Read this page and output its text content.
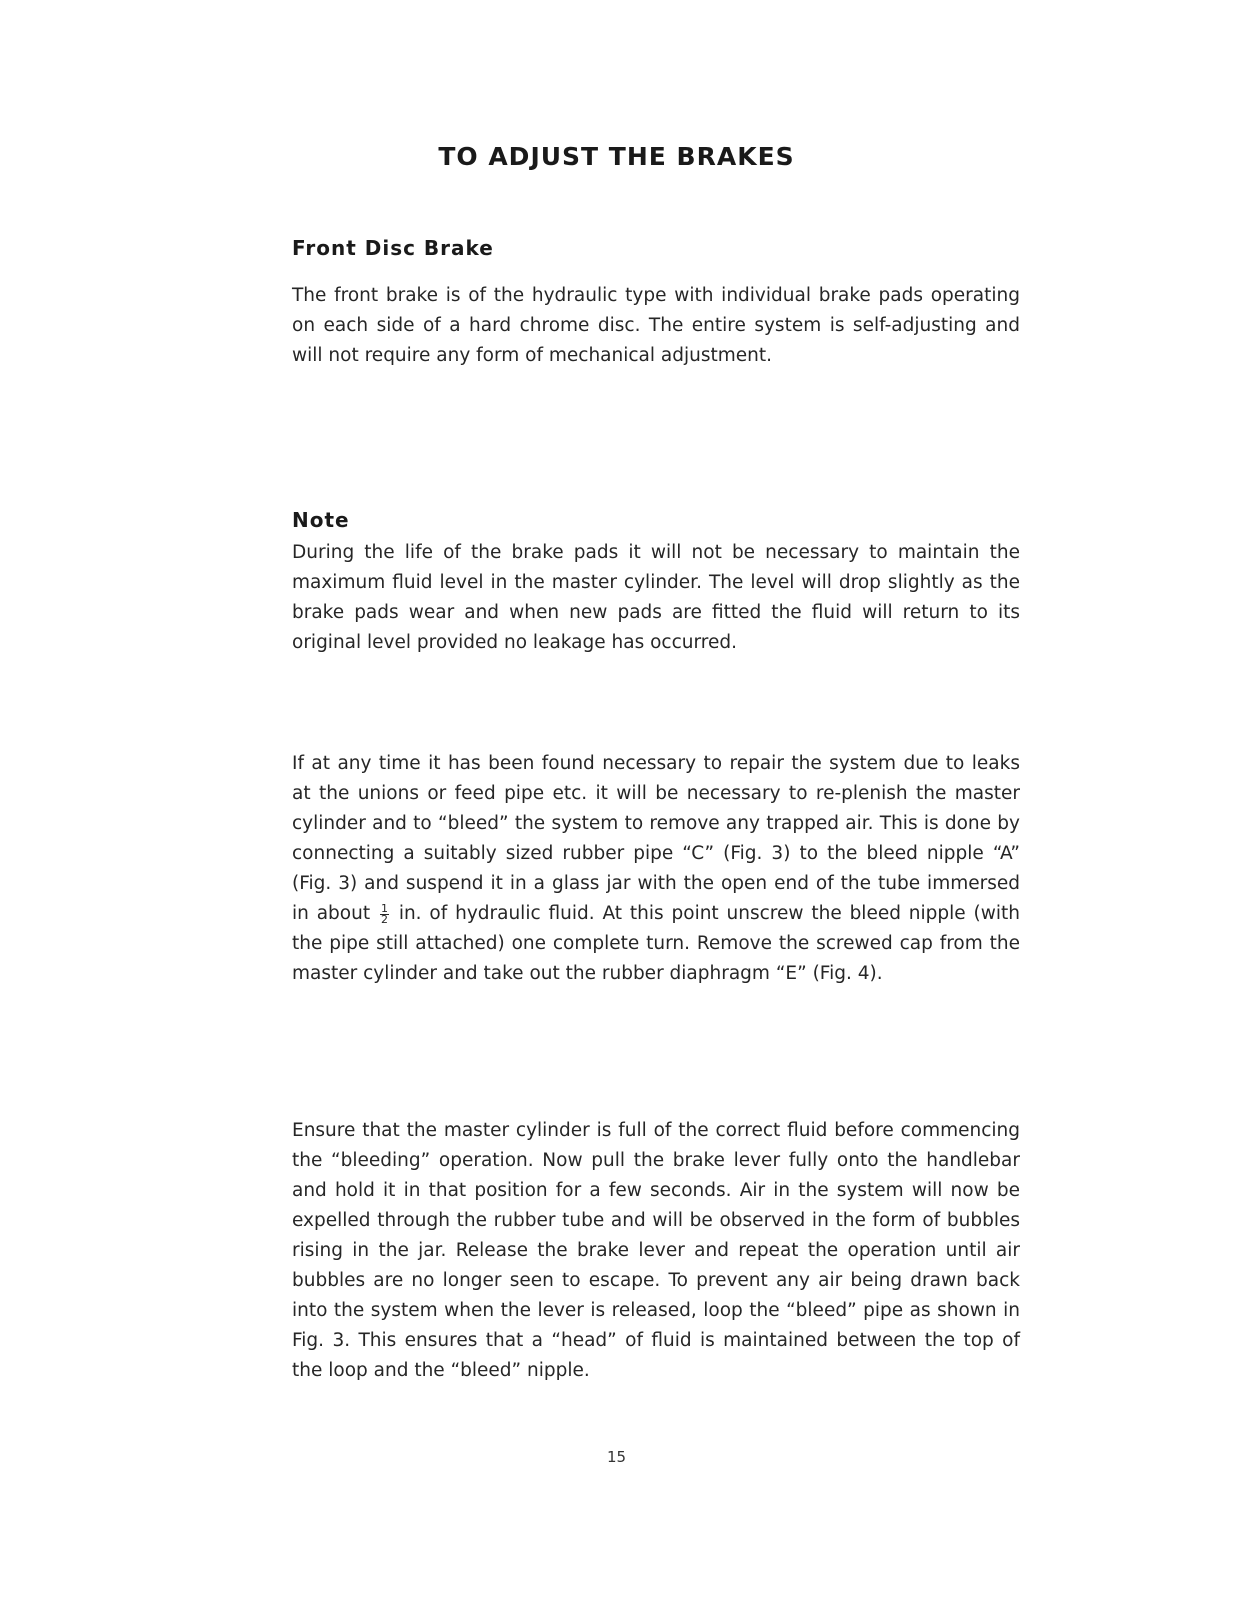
TO ADJUST THE BRAKES
Front Disc Brake

The front brake is of the hydraulic type with individual brake pads operating on each side of a hard chrome disc. The entire system is self-adjusting and will not require any form of mechanical adjustment.

Note

During the life of the brake pads it will not be necessary to maintain the maximum fluid level in the master cylinder. The level will drop slightly as the brake pads wear and when new pads are fitted the fluid will return to its original level provided no leakage has occurred.

If at any time it has been found necessary to repair the system due to leaks at the unions or feed pipe etc. it will be necessary to re-plenish the master cylinder and to “bleed” the system to remove any trapped air. This is done by connecting a suitably sized rubber pipe “C” (Fig. 3) to the bleed nipple “A” (Fig. 3) and suspend it in a glass jar with the open end of the tube immersed in about $\frac{1}{2}$ in. of hydraulic fluid. At this point unscrew the bleed nipple (with the pipe still attached) one complete turn. Remove the screwed cap from the master cylinder and take out the rubber diaphragm “E” (Fig. 4).

Ensure that the master cylinder is full of the correct fluid before commencing the “bleeding” operation. Now pull the brake lever fully onto the handlebar and hold it in that position for a few seconds. Air in the system will now be expelled through the rubber tube and will be observed in the form of bubbles rising in the jar. Release the brake lever and repeat the operation until air bubbles are no longer seen to escape. To prevent any air being drawn back into the system when the lever is released, loop the “bleed” pipe as shown in Fig. 3. This ensures that a “head” of fluid is maintained between the top of the loop and the “bleed” nipple.

15
